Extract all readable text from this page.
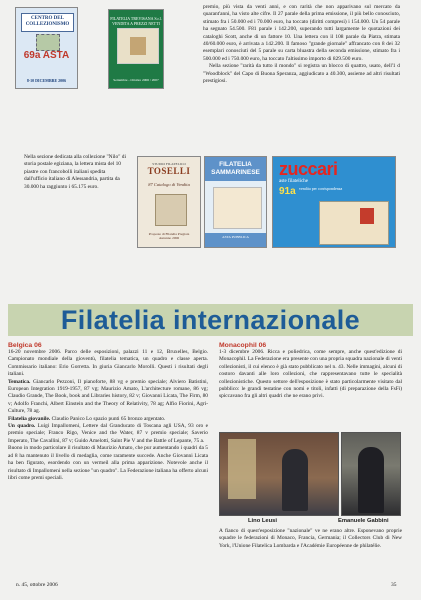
CENTRO DEL COLLEZIONISMO
69a ASTA
8-10 DICEMBRE 2006
FILATELIA TREVISANA S.r.l.
VENDITA A PREZZI NETTI
Settembre - Ottobre 2006 / 2007
premio, più vista da venti anni, e con rarità che non apparivano sul mercato da quarant'anni, ha visto alte cifre. Il 27 parale della prima emissione, il più bello conosciuto, stimato fra i 50.000 ed i 70.000 euro, ha toccato (diritti compresi) i 154.000. Un 54 parale ha segnato 54.500. F81 parale i 142.200, superando tutti largamente le quotazioni dei cataloghi Scott, anche di un fattore 10. Una lettera con il 108 parale da Piatra, stimata 40/60.000 euro, è arrivata a 142.200. Il famoso "grande giornale" affrancato con 8 dei 32 esemplari conosciuti del 5 parale su carta bluastra della seconda emissione, stimato fra i 500.000 ed i 750.000 euro, ha toccato l'altissimo importo di 829.500 euro.
Nella sezione "rarità da tutto il mondo" si registra un blocco di quattro, usato, dell'1 d "Woodblock" del Capo di Buona Speranza, aggiudicato a 40.300, assieme ad altri risultati prestigiosi.
Nella sezione dedicata alla collezione "Nilo" di storia postale egiziana, la lettera mista del 10 piastre con francobolli italiani spedita dall'ufficio italiano di Alessandria, partita da 30.000 ha raggiunto i 65.175 euro.
STUDIO FILATELICO
TOSELLI
87 Catalogo di Vendita
Proposte di Filatelia Pregiata
Autunno 2006
FILATELIA SAMMARINESE
ASTA PUBBLICA
zuccari
aste filateliche
91a vendita per corrispondenza
Filatelia internazionale
Belgica 06
16-20 novembre 2006. Parco delle esposizioni, palazzi 11 e 12, Bruxelles, Belgio. Campionato mondiale della gioventù, filatelia tematica, un quadro e classe aperta. Commissario italiano: Erio Gorretta. In giuria Giancarlo Morolli. Questi i risultati degli italiani.
Tematica. Giancarlo Pezzoni, Il pianoforte, 88 vg e premio speciale; Alviero Batistini, European Integration 1919-1957, 87 vg; Maurizio Amato, L'architecture romane, 86 vg; Claudio Grande, The Book, book and Libraries history, 82 v; Giovanni Licata, The Firm, 80 v; Adolfo Franchi, Albert Einstein and the Theory of Relativity, 78 ag; Alfio Fiorini, Agri-Culture, 78 ag.
Filatelia giovanile. Claudio Panico Lo spazio punti 65 bronzo argentato.
Un quadro. Luigi Impallomeni, Lettere dal Granducato di Toscana agli USA, 93 oro e premio speciale; Franco Rigo, Venice and the Water, 87 v premio speciale; Saverio Imperato, The Cavallini, 87 v; Guido Amelotti, Saint Pie V and the Battle of Lepante, 75 a.
Buono in modo particolare il risultato di Maurizio Amato, che pur aumentando i quadri da 5 ad 8 ha mantenuto il livello di medaglia, come raramente succede. Anche Giovanni Licata ha ben figurato, esordendo con un vermeil alla prima apparizione. Notevole anche il risultato di Impallomeni nella sezione "un quadro". La Federazione italiana ha offerto alcuni libri come premi speciali.
Monacophil 06
1-3 dicembre 2006. Ricca e poliedrica, come sempre, anche quest'edizione di Monacophil. La Federazione era presente con una propria squadra nazionale di venti collezionisti, il cui elenco è già stato pubblicato nel n. 43. Nelle immagini, alcuni di costoro davanti alle loro collezioni, che rappresentavano tutte le specialità collezionistiche. Questo settore dell'esposizione è stato particolarmente visitato dal pubblico: le grandi testatine con nomi e titoli, infatti (di preparazione della FsFi) spiccavano fra gli altri quadri che ne erano privi.
Lino Leusi	Emanuele Gabbini
A fianco di quest'esposizione "nazionale" ve ne erano altre. Esponevano proprie squadre le federazioni di Monaco, Francia, Germania; il Collectors Club di New York, l'Unione Filatelica Lombarda e l'Académie Européenne de philatélie.
n. 45, ottobre 2006	35
